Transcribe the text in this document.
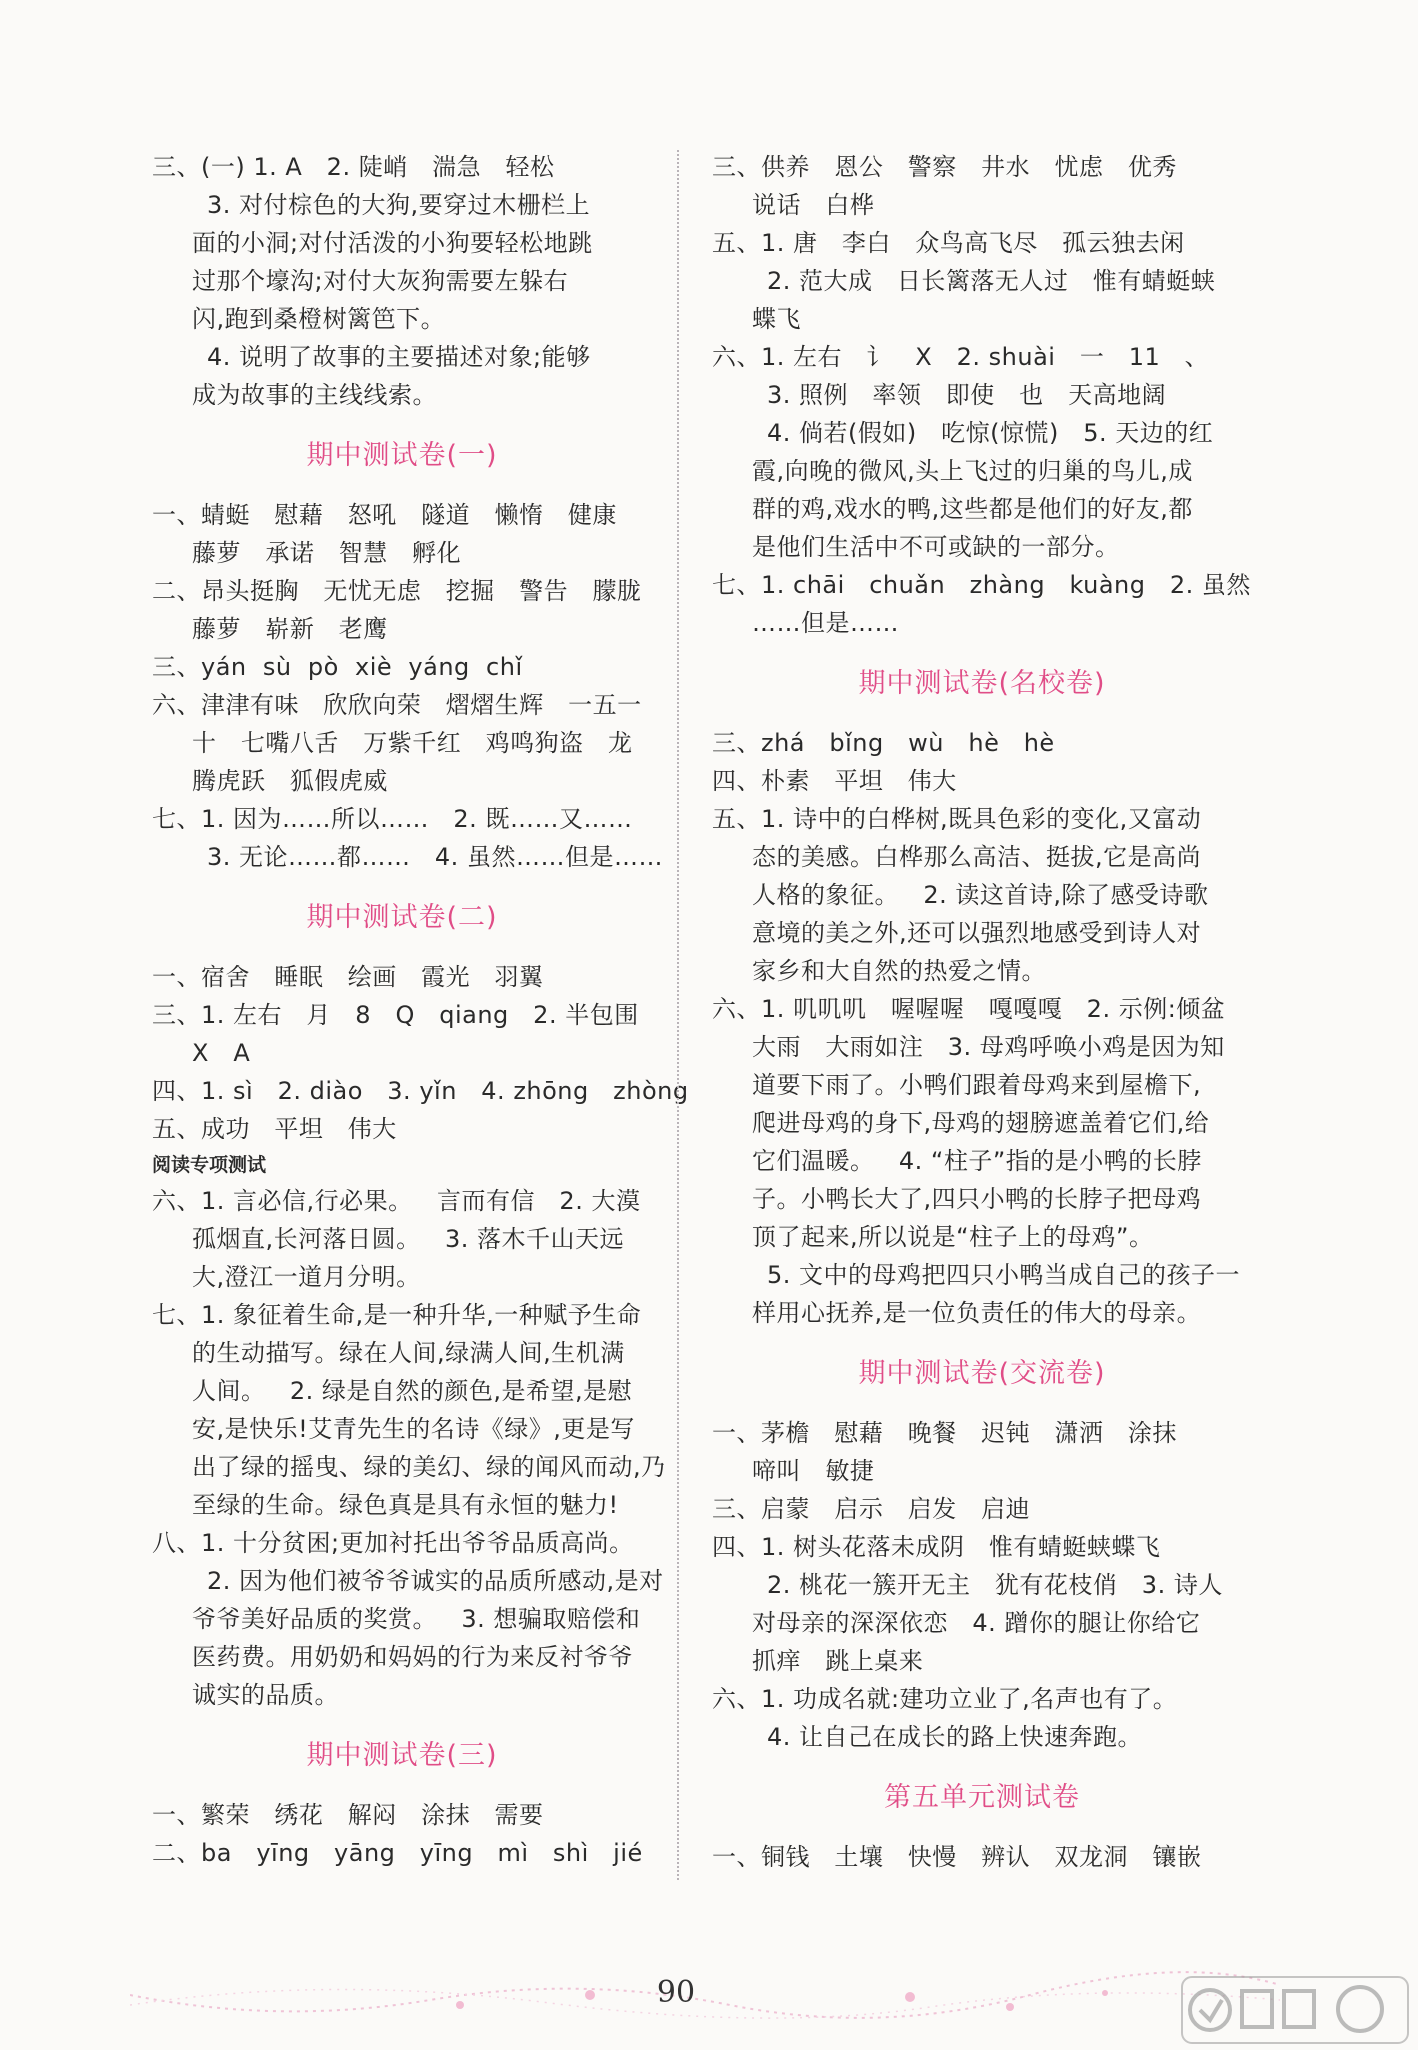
三、(一) 1. A   2. 陡峭   湍急   轻松
3. 对付棕色的大狗,要穿过木栅栏上
面的小洞;对付活泼的小狗要轻松地跳
过那个壕沟;对付大灰狗需要左躲右
闪,跑到桑橙树篱笆下。
4. 说明了故事的主要描述对象;能够
成为故事的主线线索。
期中测试卷(一)
一、蜻蜓   慰藉   怒吼   隧道   懒惰   健康
藤萝   承诺   智慧   孵化
二、昂头挺胸   无忧无虑   挖掘   警告   朦胧
藤萝   崭新   老鹰
三、yán  sù  pò  xiè  yáng  chǐ
六、津津有味   欣欣向荣   熠熠生辉   一五一
十   七嘴八舌   万紫千红   鸡鸣狗盗   龙
腾虎跃   狐假虎威
七、1. 因为……所以……   2. 既……又……
3. 无论……都……   4. 虽然……但是……
期中测试卷(二)
一、宿舍   睡眠   绘画   霞光   羽翼
三、1. 左右   月   8   Q   qiang   2. 半包围
X   A
四、1. sì   2. diào   3. yǐn   4. zhōng   zhòng
五、成功   平坦   伟大
阅读专项测试
六、1. 言必信,行必果。   言而有信   2. 大漠
孤烟直,长河落日圆。   3. 落木千山天远
大,澄江一道月分明。
七、1. 象征着生命,是一种升华,一种赋予生命
的生动描写。绿在人间,绿满人间,生机满
人间。   2. 绿是自然的颜色,是希望,是慰
安,是快乐!艾青先生的名诗《绿》,更是写
出了绿的摇曳、绿的美幻、绿的闻风而动,乃
至绿的生命。绿色真是具有永恒的魅力!
八、1. 十分贫困;更加衬托出爷爷品质高尚。
2. 因为他们被爷爷诚实的品质所感动,是对
爷爷美好品质的奖赏。   3. 想骗取赔偿和
医药费。用奶奶和妈妈的行为来反衬爷爷
诚实的品质。
期中测试卷(三)
一、繁荣   绣花   解闷   涂抹   需要
二、ba   yīng   yāng   yīng   mì   shì   jié
三、供养   恩公   警察   井水   忧虑   优秀
说话   白桦
五、1. 唐   李白   众鸟高飞尽   孤云独去闲
2. 范大成   日长篱落无人过   惟有蜻蜓蛱
蝶飞
六、1. 左右   讠   X   2. shuài   一   11   、
3. 照例   率领   即使   也   天高地阔
4. 倘若(假如)   吃惊(惊慌)   5. 天边的红
霞,向晚的微风,头上飞过的归巢的鸟儿,成
群的鸡,戏水的鸭,这些都是他们的好友,都
是他们生活中不可或缺的一部分。
七、1. chāi   chuǎn   zhàng   kuàng   2. 虽然
……但是……
期中测试卷(名校卷)
三、zhá   bǐng   wù   hè   hè
四、朴素   平坦   伟大
五、1. 诗中的白桦树,既具色彩的变化,又富动
态的美感。白桦那么高洁、挺拔,它是高尚
人格的象征。   2. 读这首诗,除了感受诗歌
意境的美之外,还可以强烈地感受到诗人对
家乡和大自然的热爱之情。
六、1. 叽叽叽   喔喔喔   嘎嘎嘎   2. 示例:倾盆
大雨   大雨如注   3. 母鸡呼唤小鸡是因为知
道要下雨了。小鸭们跟着母鸡来到屋檐下,
爬进母鸡的身下,母鸡的翅膀遮盖着它们,给
它们温暖。   4. “柱子”指的是小鸭的长脖
子。小鸭长大了,四只小鸭的长脖子把母鸡
顶了起来,所以说是“柱子上的母鸡”。
5. 文中的母鸡把四只小鸭当成自己的孩子一
样用心抚养,是一位负责任的伟大的母亲。
期中测试卷(交流卷)
一、茅檐   慰藉   晚餐   迟钝   潇洒   涂抹
啼叫   敏捷
三、启蒙   启示   启发   启迪
四、1. 树头花落未成阴   惟有蜻蜓蛱蝶飞
2. 桃花一簇开无主   犹有花枝俏   3. 诗人
对母亲的深深依恋   4. 蹭你的腿让你给它
抓痒   跳上桌来
六、1. 功成名就:建功立业了,名声也有了。
4. 让自己在成长的路上快速奔跑。
第五单元测试卷
一、铜钱   土壤   快慢   辨认   双龙洞   镶嵌
90
